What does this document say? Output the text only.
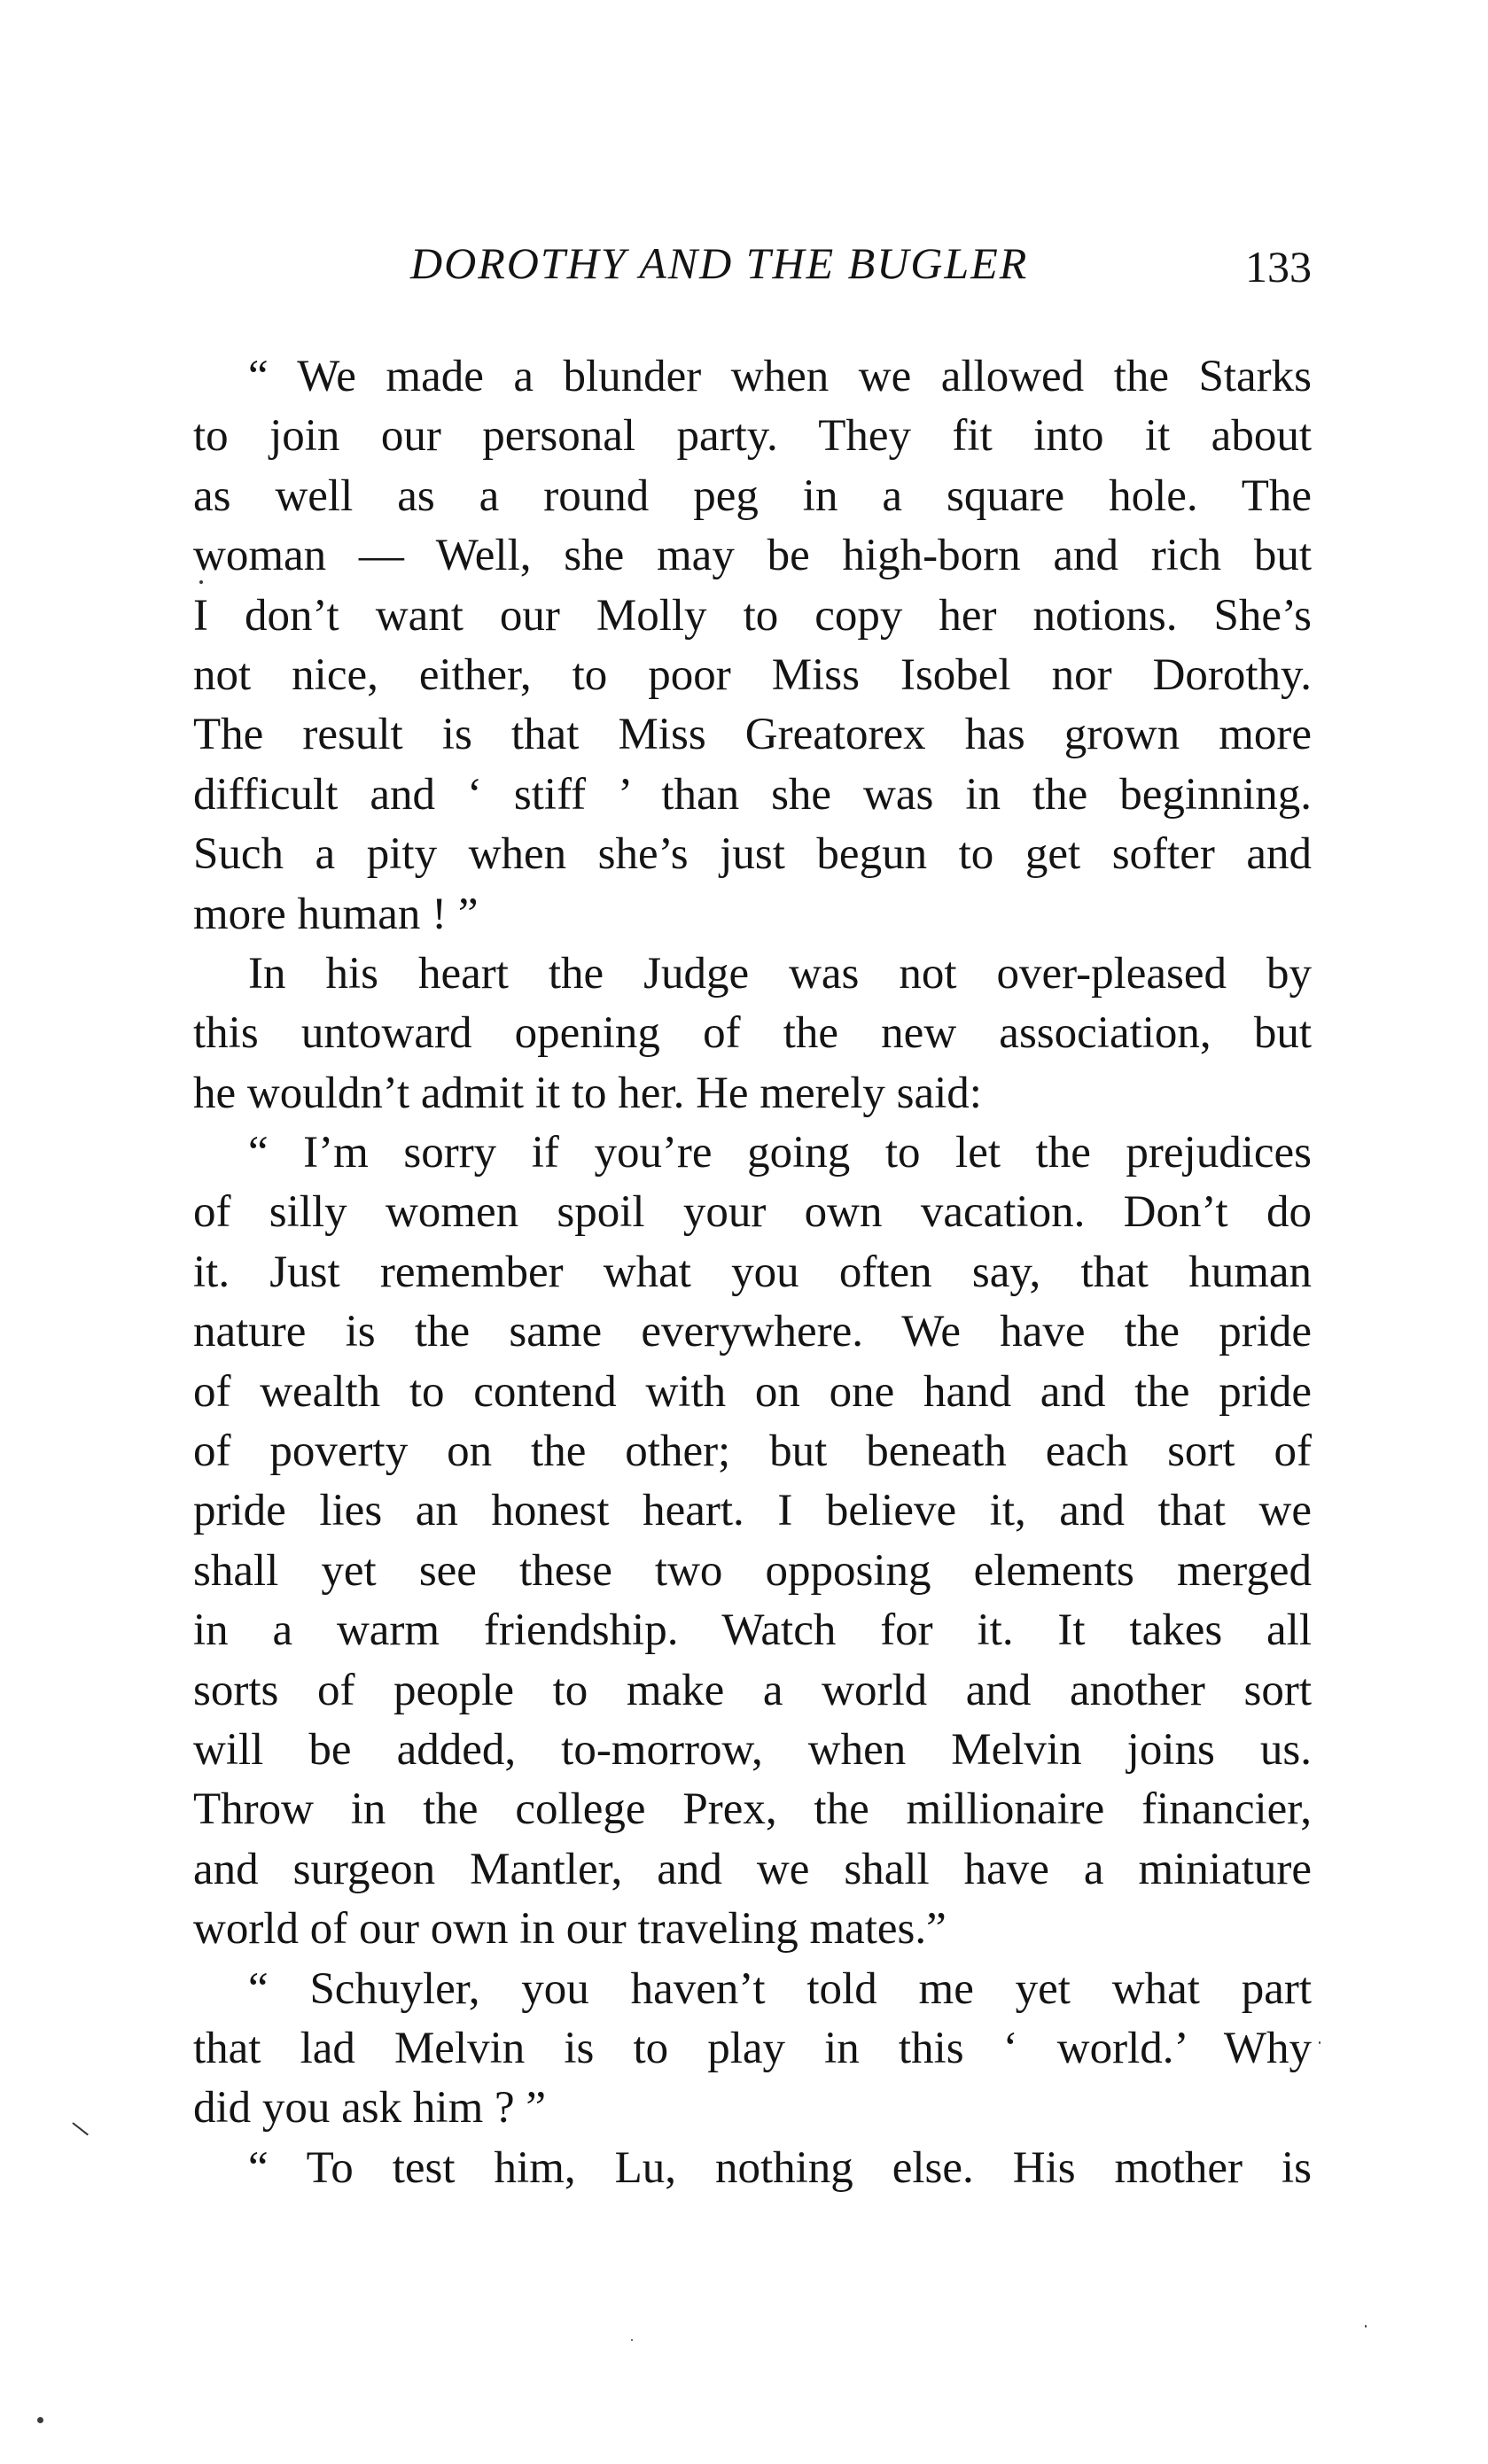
DOROTHY AND THE BUGLER	133
“ We made a blunder when we allowed the Starks
to join our personal party. They fit into it about
as well as a round peg in a square hole. The
woman — Well, she may be high-born and rich but
I don’t want our Molly to copy her notions. She’s
not nice, either, to poor Miss Isobel nor Dorothy.
The result is that Miss Greatorex has grown more
difficult and ‘ stiff ’ than she was in the beginning.
Such a pity when she’s just begun to get softer and
more human ! ”
In his heart the Judge was not over-pleased by
this untoward opening of the new association, but
he wouldn’t admit it to her. He merely said:
“ I’m sorry if you’re going to let the prejudices
of silly women spoil your own vacation. Don’t do
it. Just remember what you often say, that human
nature is the same everywhere. We have the pride
of wealth to contend with on one hand and the pride
of poverty on the other; but beneath each sort of
pride lies an honest heart. I believe it, and that we
shall yet see these two opposing elements merged
in a warm friendship. Watch for it. It takes all
sorts of people to make a world and another sort
will be added, to-morrow, when Melvin joins us.
Throw in the college Prex, the millionaire financier,
and surgeon Mantler, and we shall have a miniature
world of our own in our traveling mates.”
“ Schuyler, you haven’t told me yet what part
that lad Melvin is to play in this ‘ world.’ Why
did you ask him ? ”
“ To test him, Lu, nothing else. His mother is
